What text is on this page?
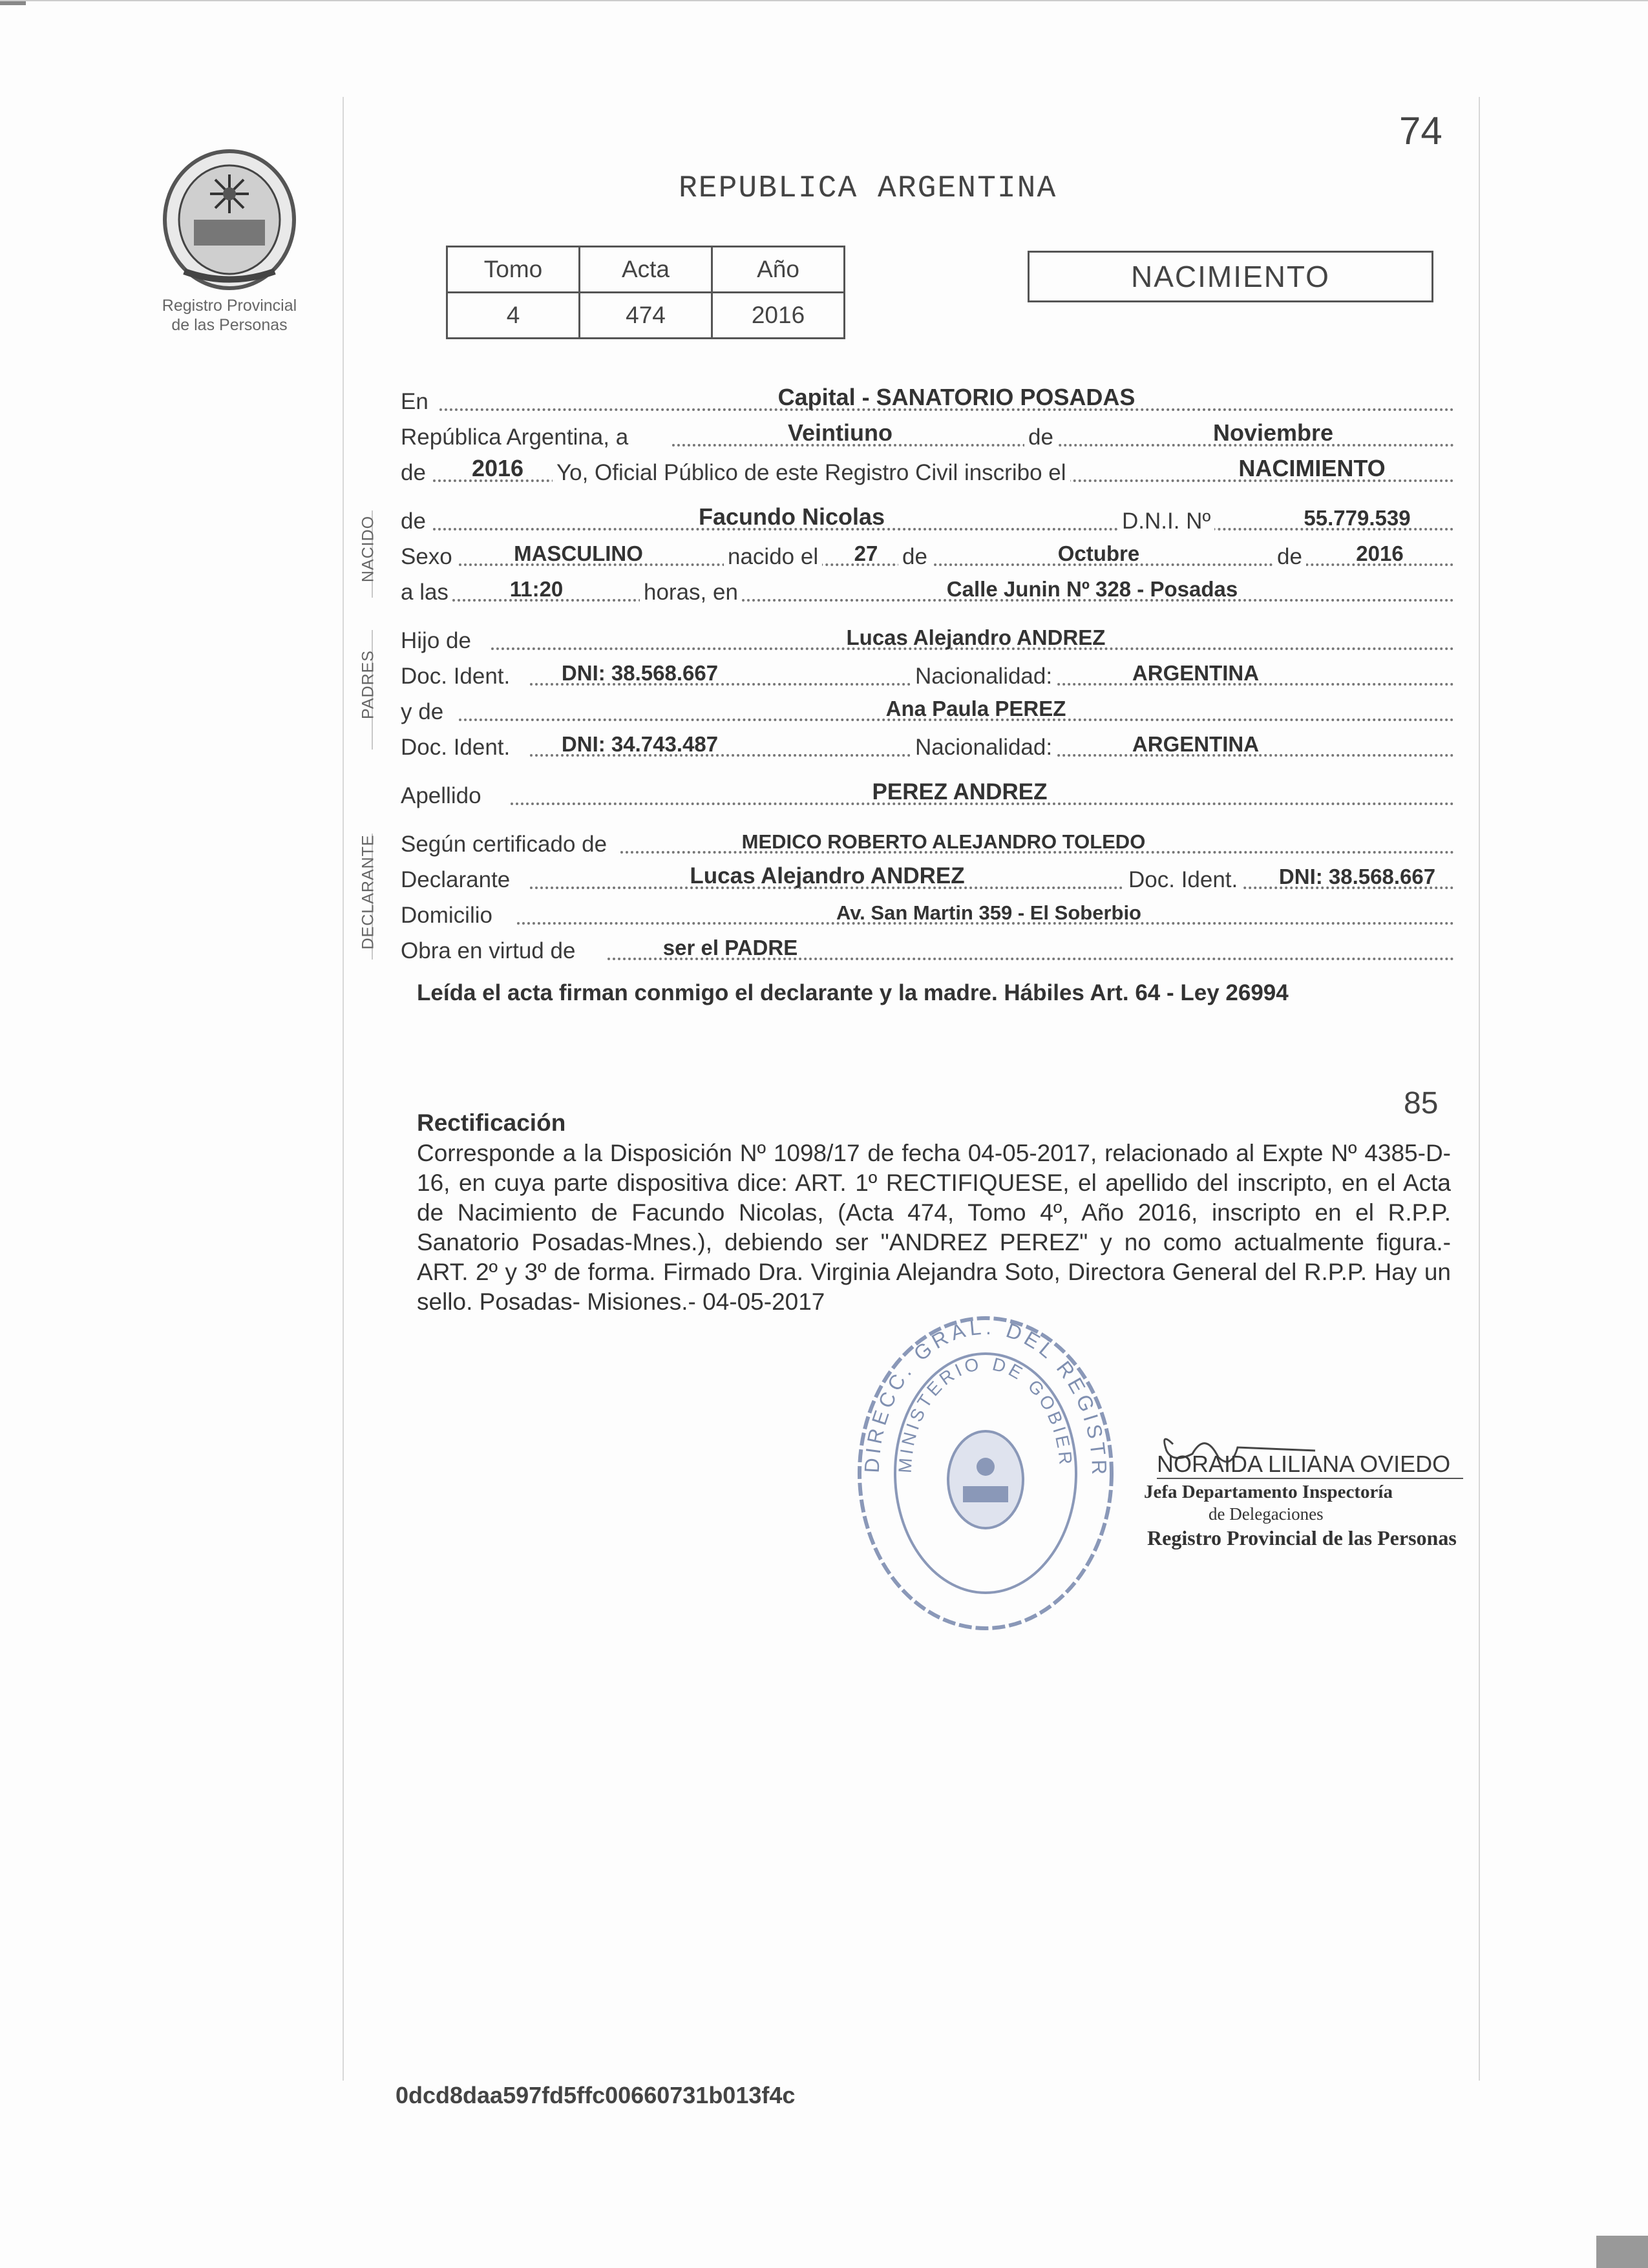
Registro Provincial
de las Personas
74
REPUBLICA ARGENTINA
Tomo	Acta	Año
4	474	2016
NACIMIENTO
NACIDO
PADRES
DECLARANTE
En	Capital - SANATORIO POSADAS
República Argentina, a	Veintiuno	de	Noviembre
de	2016	Yo, Oficial Público de este Registro Civil inscribo el	NACIMIENTO
de	Facundo Nicolas	D.N.I. Nº	55.779.539
Sexo	MASCULINO	nacido el	27	de	Octubre	de	2016
a las	11:20	horas, en	Calle Junin Nº 328 - Posadas
Hijo de	Lucas Alejandro ANDREZ
Doc. Ident.	DNI: 38.568.667	Nacionalidad:	ARGENTINA
y de	Ana Paula PEREZ
Doc. Ident.	DNI: 34.743.487	Nacionalidad:	ARGENTINA
Apellido	PEREZ ANDREZ
Según certificado de	MEDICO ROBERTO ALEJANDRO TOLEDO
Declarante	Lucas Alejandro ANDREZ	Doc. Ident.	DNI: 38.568.667
Domicilio	Av. San Martin 359 - El Soberbio
Obra en virtud de	ser el PADRE
Leída el acta firman conmigo el declarante y la madre. Hábiles Art. 64 - Ley 26994
85
Rectificación
Corresponde a la Disposición Nº 1098/17 de fecha 04-05-2017, relacionado al Expte Nº 4385-D-16, en cuya parte dispositiva dice: ART. 1º RECTIFIQUESE, el apellido del inscripto, en el Acta de Nacimiento de Facundo Nicolas, (Acta 474, Tomo 4º, Año 2016, inscripto en el R.P.P. Sanatorio Posadas-Mnes.), debiendo ser "ANDREZ PEREZ" y no como actualmente figura.- ART. 2º y 3º de forma. Firmado Dra. Virginia Alejandra Soto, Directora General del R.P.P. Hay un sello. Posadas- Misiones.- 04-05-2017
DIRECC. GRAL. DEL REGISTR
MINISTERIO DE GOBIER	NORAIDA LILIANA OVIEDO
Jefa Departamento Inspectoría
de Delegaciones
Registro Provincial de las Personas
0dcd8daa597fd5ffc00660731b013f4c
